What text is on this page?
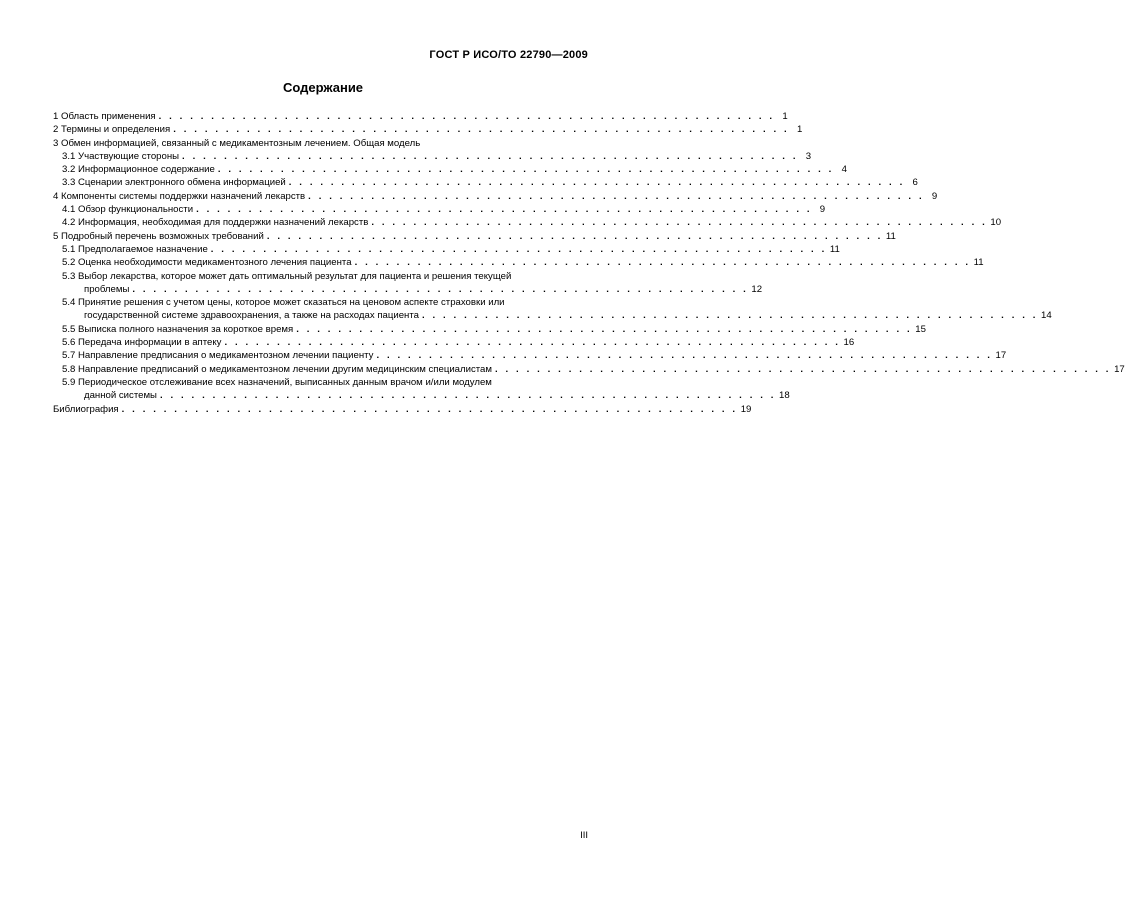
ГОСТ Р ИСО/ТО 22790—2009
Содержание
1 Область применения . . . . . . . . . . . . . . . . . . . . . . . . . . . . . . . . . . . . . . . . . . . . . . . . . . . . . . . . . . . 1
2 Термины и определения . . . . . . . . . . . . . . . . . . . . . . . . . . . . . . . . . . . . . . . . . . . . . . . . . . . . . . . . . . . 1
3 Обмен информацией, связанный с медикаментозным лечением. Общая модель
3.1 Участвующие стороны . . . . . . . . . . . . . . . . . . . . . . . . . . . . . . . . . . . . . . . . . . . . . . . . . . . . . . . . . . . 3
3.2 Информационное содержание . . . . . . . . . . . . . . . . . . . . . . . . . . . . . . . . . . . . . . . . . . . . . . . . . . . . . . . . . . . 4
3.3 Сценарии электронного обмена информацией . . . . . . . . . . . . . . . . . . . . . . . . . . . . . . . . . . . . . . . . . . . . . . . . . . . . . . . . . . . 6
4 Компоненты системы поддержки назначений лекарств . . . . . . . . . . . . . . . . . . . . . . . . . . . . . . . . . . . . . . . . . . . . . . . . . . . . . . . . . . . 9
4.1 Обзор функциональности . . . . . . . . . . . . . . . . . . . . . . . . . . . . . . . . . . . . . . . . . . . . . . . . . . . . . . . . . . . 9
4.2 Информация, необходимая для поддержки назначений лекарств . . . . . . . . . . . . . . . . . . . . . . . . . . . . . . . . . . . . . . . . . . . . . . . . . . . . . . . . . . . 10
5 Подробный перечень возможных требований . . . . . . . . . . . . . . . . . . . . . . . . . . . . . . . . . . . . . . . . . . . . . . . . . . . . . . . . . . . 11
5.1 Предполагаемое назначение . . . . . . . . . . . . . . . . . . . . . . . . . . . . . . . . . . . . . . . . . . . . . . . . . . . . . . . . . . . 11
5.2 Оценка необходимости медикаментозного лечения пациента . . . . . . . . . . . . . . . . . . . . . . . . . . . . . . . . . . . . . . . . . . . . . . . . . . . . . . . . . . . 11
5.3 Выбор лекарства, которое может дать оптимальный результат для пациента и решения текущей
проблемы . . . . . . . . . . . . . . . . . . . . . . . . . . . . . . . . . . . . . . . . . . . . . . . . . . . . . . . . . . . 12
5.4 Принятие решения с учетом цены, которое может сказаться на ценовом аспекте страховки или
государственной системе здравоохранения, а также на расходах пациента . . . . . . . . . . . . . . . . . . . . . . . . . . . . . . . . . . . . . . . . . . . . . . . . . . . . . . . . . . . 14
5.5 Выписка полного назначения за короткое время . . . . . . . . . . . . . . . . . . . . . . . . . . . . . . . . . . . . . . . . . . . . . . . . . . . . . . . . . . . 15
5.6 Передача информации в аптеку . . . . . . . . . . . . . . . . . . . . . . . . . . . . . . . . . . . . . . . . . . . . . . . . . . . . . . . . . . . 16
5.7 Направление предписания о медикаментозном лечении пациенту . . . . . . . . . . . . . . . . . . . . . . . . . . . . . . . . . . . . . . . . . . . . . . . . . . . . . . . . . . . 17
5.8 Направление предписаний о медикаментозном лечении другим медицинским специалистам . . . . . . . . . . . . . . . . . . . . . . . . . . . . . . . . . . . . . . . . . . . . . . . . . . . . . . . . . . . 17
5.9 Периодическое отслеживание всех назначений, выписанных данным врачом и/или модулем
данной системы . . . . . . . . . . . . . . . . . . . . . . . . . . . . . . . . . . . . . . . . . . . . . . . . . . . . . . . . . . . 18
Библиография . . . . . . . . . . . . . . . . . . . . . . . . . . . . . . . . . . . . . . . . . . . . . . . . . . . . . . . . . . . 19
III
